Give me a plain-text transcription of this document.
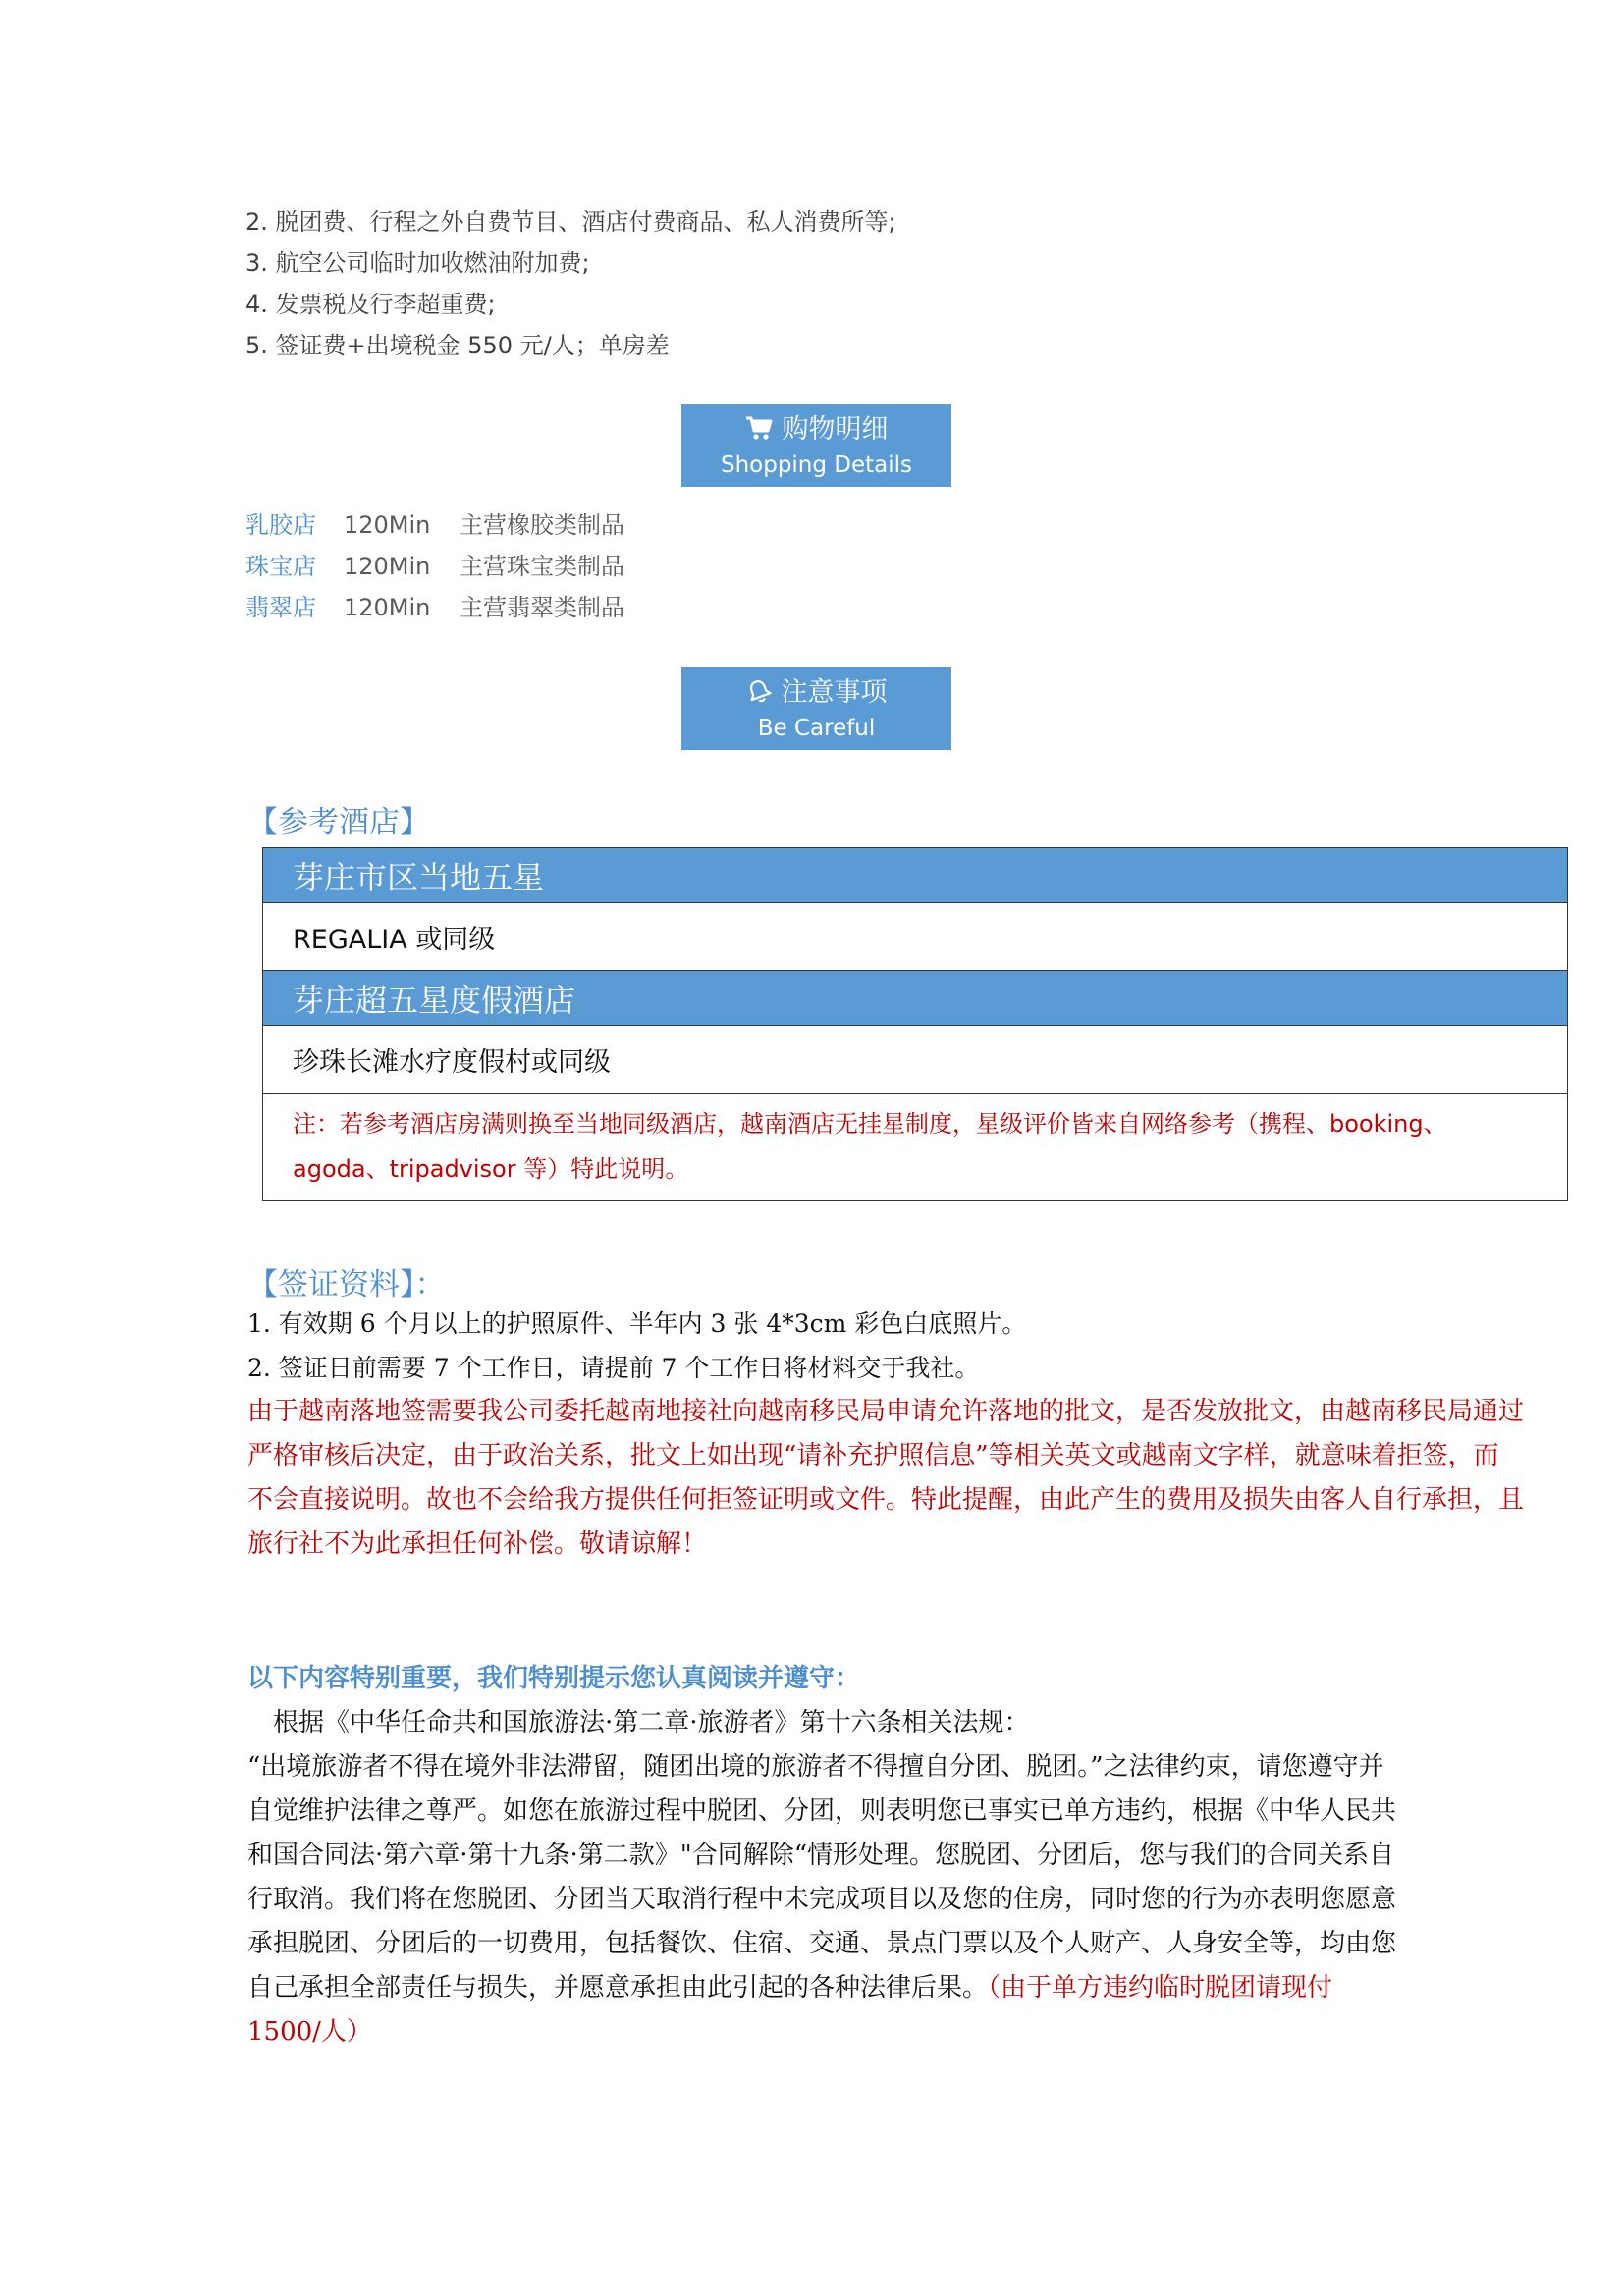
2. 脱团费、行程之外自费节目、酒店付费商品、私人消费所等;
3. 航空公司临时加收燃油附加费;
4. 发票税及行李超重费;
5. 签证费+出境税金 550 元/人；单房差
购物明细
Shopping Details
乳胶店 120Min 主营橡胶类制品
珠宝店 120Min 主营珠宝类制品
翡翠店 120Min 主营翡翠类制品
注意事项
Be Careful
【参考酒店】
芽庄市区当地五星
REGALIA 或同级
芽庄超五星度假酒店
珍珠长滩水疗度假村或同级
注：若参考酒店房满则换至当地同级酒店，越南酒店无挂星制度，星级评价皆来自网络参考（携程、booking、agoda、tripadvisor 等）特此说明。
【签证资料】：
1. 有效期 6 个月以上的护照原件、半年内 3 张 4*3cm 彩色白底照片。
2. 签证日前需要 7 个工作日，请提前 7 个工作日将材料交于我社。
由于越南落地签需要我公司委托越南地接社向越南移民局申请允许落地的批文，是否发放批文，由越南移民局通过严格审核后决定，由于政治关系，批文上如出现“请补充护照信息”等相关英文或越南文字样，就意味着拒签，而不会直接说明。故也不会给我方提供任何拒签证明或文件。特此提醒，由此产生的费用及损失由客人自行承担，且旅行社不为此承担任何补偿。敬请谅解！
以下内容特别重要，我们特别提示您认真阅读并遵守：

根据《中华任命共和国旅游法·第二章·旅游者》第十六条相关法规：

“出境旅游者不得在境外非法滞留，随团出境的旅游者不得擅自分团、脱团。”之法律约束，请您遵守并自觉维护法律之尊严。如您在旅游过程中脱团、分团，则表明您已事实已单方违约，根据《中华人民共和国合同法·第六章·第十九条·第二款》"合同解除“情形处理。您脱团、分团后，您与我们的合同关系自行取消。我们将在您脱团、分团当天取消行程中未完成项目以及您的住房，同时您的行为亦表明您愿意承担脱团、分团后的一切费用，包括餐饮、住宿、交通、景点门票以及个人财产、人身安全等，均由您自己承担全部责任与损失，并愿意承担由此引起的各种法律后果。（由于单方违约临时脱团请现付 1500/人）
